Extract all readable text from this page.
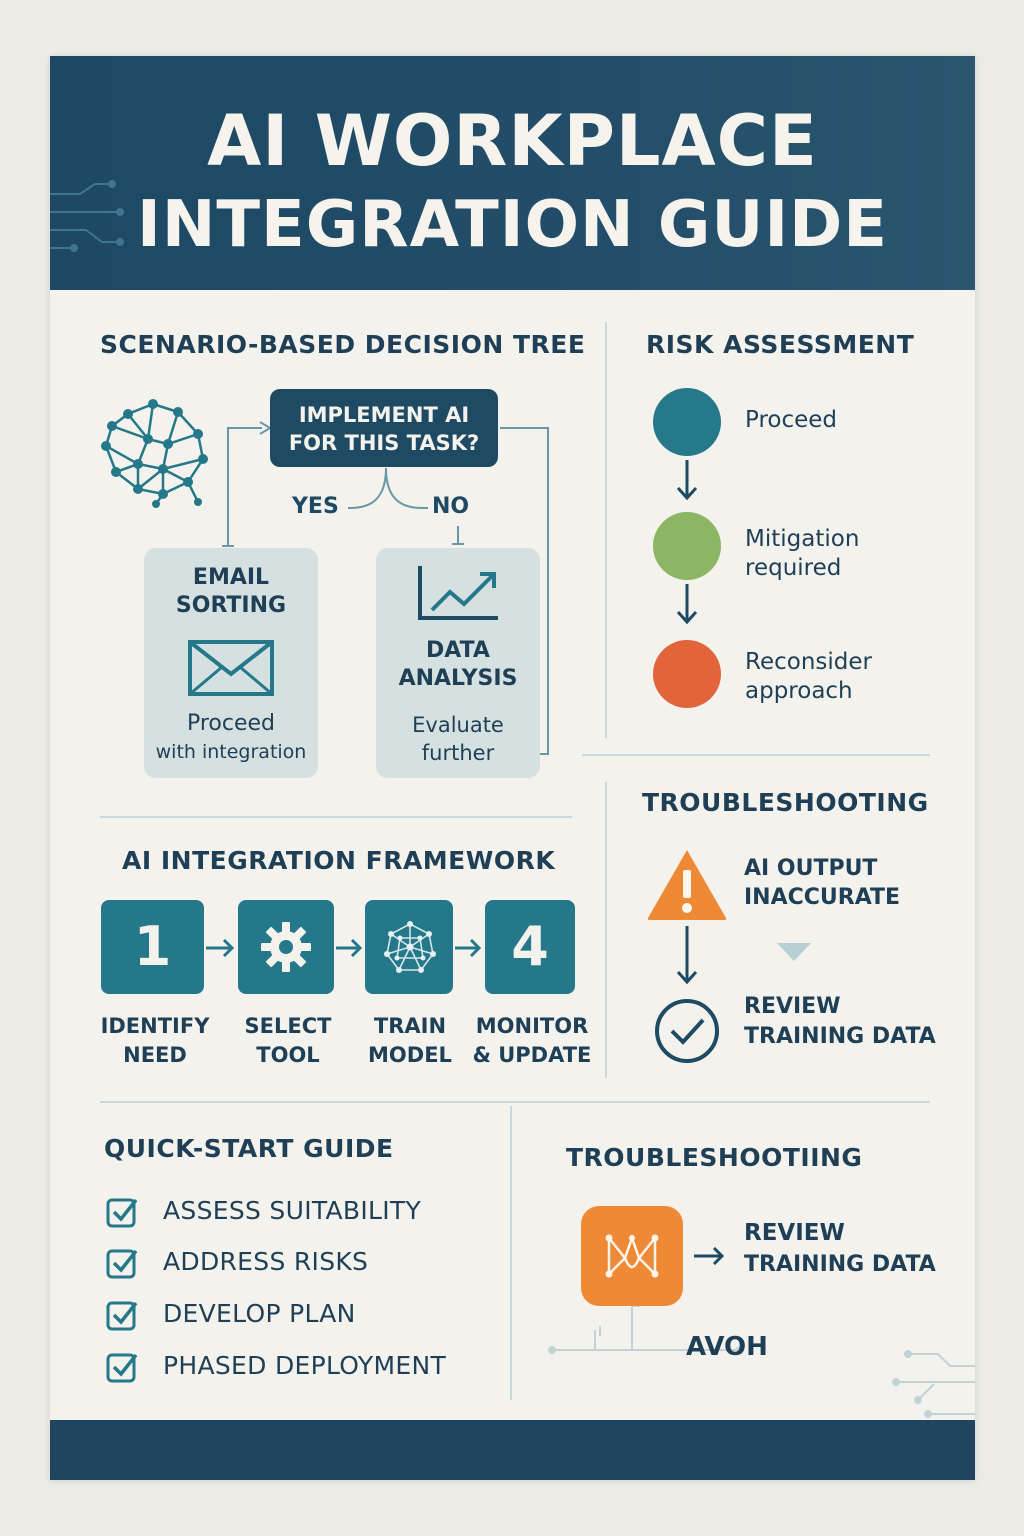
AI WORKPLACE
INTEGRATION GUIDE
SCENARIO-BASED DECISION TREE
IMPLEMENT AI
FOR THIS TASK?
YES	NO
EMAIL
SORTING
Proceed
with integration
DATA
ANALYSIS
Evaluate
further
RISK ASSESSMENT
Proceed
Mitigation
required
Reconsider
approach
AI INTEGRATION FRAMEWORK
1	4
IDENTIFY
NEED
SELECT
TOOL
TRAIN
MODEL
MONITOR
& UPDATE
TROUBLESHOOTING
AI OUTPUT
INACCURATE
REVIEW
TRAINING DATA
QUICK-START GUIDE
ASSESS SUITABILITY
ADDRESS RISKS
DEVELOP PLAN
PHASED DEPLOYMENT
TROUBLESHOOTIING
REVIEW
TRAINING DATA
AVOH
